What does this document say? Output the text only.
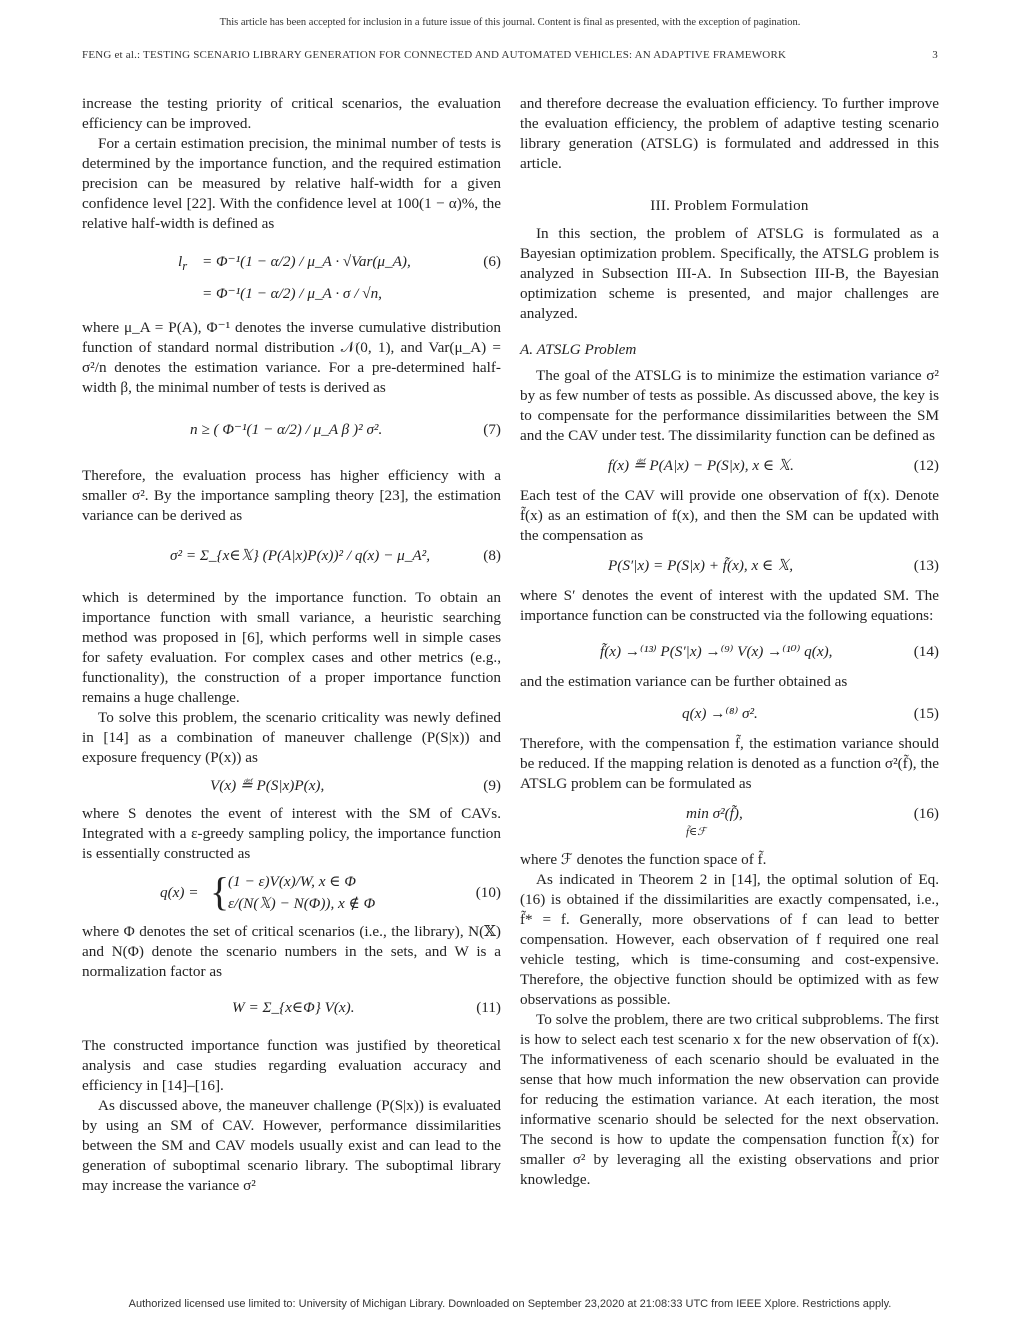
This article has been accepted for inclusion in a future issue of this journal. Content is final as presented, with the exception of pagination.
FENG et al.: TESTING SCENARIO LIBRARY GENERATION FOR CONNECTED AND AUTOMATED VEHICLES: AN ADAPTIVE FRAMEWORK	3

increase the testing priority of critical scenarios, the evaluation efficiency can be improved.

For a certain estimation precision, the minimal number of tests is determined by the importance function, and the required estimation precision can be measured by relative half-width for a given confidence level [22]. With the confidence level at 100(1 − α)%, the relative half-width is defined as

$l_r = \Phi^{-1}(1 - \alpha/2)$ / μ_A · √Var(μ_A),
= Φ⁻¹(1 − α/2) / μ_A · σ / √n,
(6)

where μ_A = P(A), Φ⁻¹ denotes the inverse cumulative distribution function of standard normal distribution 𝒩(0, 1), and Var(μ_A) = σ²/n denotes the estimation variance. For a pre-determined half-width β, the minimal number of tests is derived as

n ≥ ( Φ⁻¹(1 − α/2) / μ_A β )² σ².	(7)

Therefore, the evaluation process has higher efficiency with a smaller σ². By the importance sampling theory [23], the estimation variance can be derived as

σ² = Σ_{x∈𝕏} (P(A|x)P(x))² / q(x) − μ_A²,	(8)

which is determined by the importance function. To obtain an importance function with small variance, a heuristic searching method was proposed in [6], which performs well in simple cases for safety evaluation. For complex cases and other metrics (e.g., functionality), the construction of a proper importance function remains a huge challenge.

To solve this problem, the scenario criticality was newly defined in [14] as a combination of maneuver challenge (P(S|x)) and exposure frequency (P(x)) as

V(x) ≝ P(S|x)P(x),	(9)

where S denotes the event of interest with the SM of CAVs. Integrated with a ε-greedy sampling policy, the importance function is essentially constructed as

q(x) = {
(1 − ε)V(x)/W, x ∈ Φ
ε/(N(𝕏) − N(Φ)), x ∉ Φ
(10)

where Φ denotes the set of critical scenarios (i.e., the library), N(𝕏) and N(Φ) denote the scenario numbers in the sets, and W is a normalization factor as

W = Σ_{x∈Φ} V(x).	(11)

The constructed importance function was justified by theoretical analysis and case studies regarding evaluation accuracy and efficiency in [14]–[16].

As discussed above, the maneuver challenge (P(S|x)) is evaluated by using an SM of CAV. However, performance dissimilarities between the SM and CAV models usually exist and can lead to the generation of suboptimal scenario library. The suboptimal library may increase the variance σ²

and therefore decrease the evaluation efficiency. To further improve the evaluation efficiency, the problem of adaptive testing scenario library generation (ATSLG) is formulated and addressed in this article.

III. Problem Formulation

In this section, the problem of ATSLG is formulated as a Bayesian optimization problem. Specifically, the ATSLG problem is analyzed in Subsection III-A. In Subsection III-B, the Bayesian optimization scheme is presented, and major challenges are analyzed.

A. ATSLG Problem

The goal of the ATSLG is to minimize the estimation variance σ² by as few number of tests as possible. As discussed above, the key is to compensate for the performance dissimilarities between the SM and the CAV under test. The dissimilarity function can be defined as

f(x) ≝ P(A|x) − P(S|x), x ∈ 𝕏.	(12)

Each test of the CAV will provide one observation of f(x). Denote f̃(x) as an estimation of f(x), and then the SM can be updated with the compensation as

P(S′|x) = P(S|x) + f̃(x), x ∈ 𝕏,	(13)

where S′ denotes the event of interest with the updated SM. The importance function can be constructed via the following equations:

f̃(x) →⁽¹³⁾ P(S′|x) →⁽⁹⁾ V(x) →⁽¹⁰⁾ q(x),	(14)

and the estimation variance can be further obtained as

q(x) →⁽⁸⁾ σ².	(15)

Therefore, with the compensation f̃, the estimation variance should be reduced. If the mapping relation is denoted as a function σ²(f̃), the ATSLG problem can be formulated as

min σ²(f̃),
f̃∈ℱ
(16)

where ℱ denotes the function space of f̃.

As indicated in Theorem 2 in [14], the optimal solution of Eq. (16) is obtained if the dissimilarities are exactly compensated, i.e., f̃* = f. Generally, more observations of f can lead to better compensation. However, each observation of f required one real vehicle testing, which is time-consuming and cost-expensive. Therefore, the objective function should be optimized with as few observations as possible.

To solve the problem, there are two critical subproblems. The first is how to select each test scenario x for the new observation of f(x). The informativeness of each scenario should be evaluated in the sense that how much information the new observation can provide for reducing the estimation variance. At each iteration, the most informative scenario should be selected for the next observation. The second is how to update the compensation function f̃(x) for smaller σ² by leveraging all the existing observations and prior knowledge.

Authorized licensed use limited to: University of Michigan Library. Downloaded on September 23,2020 at 21:08:33 UTC from IEEE Xplore. Restrictions apply.
